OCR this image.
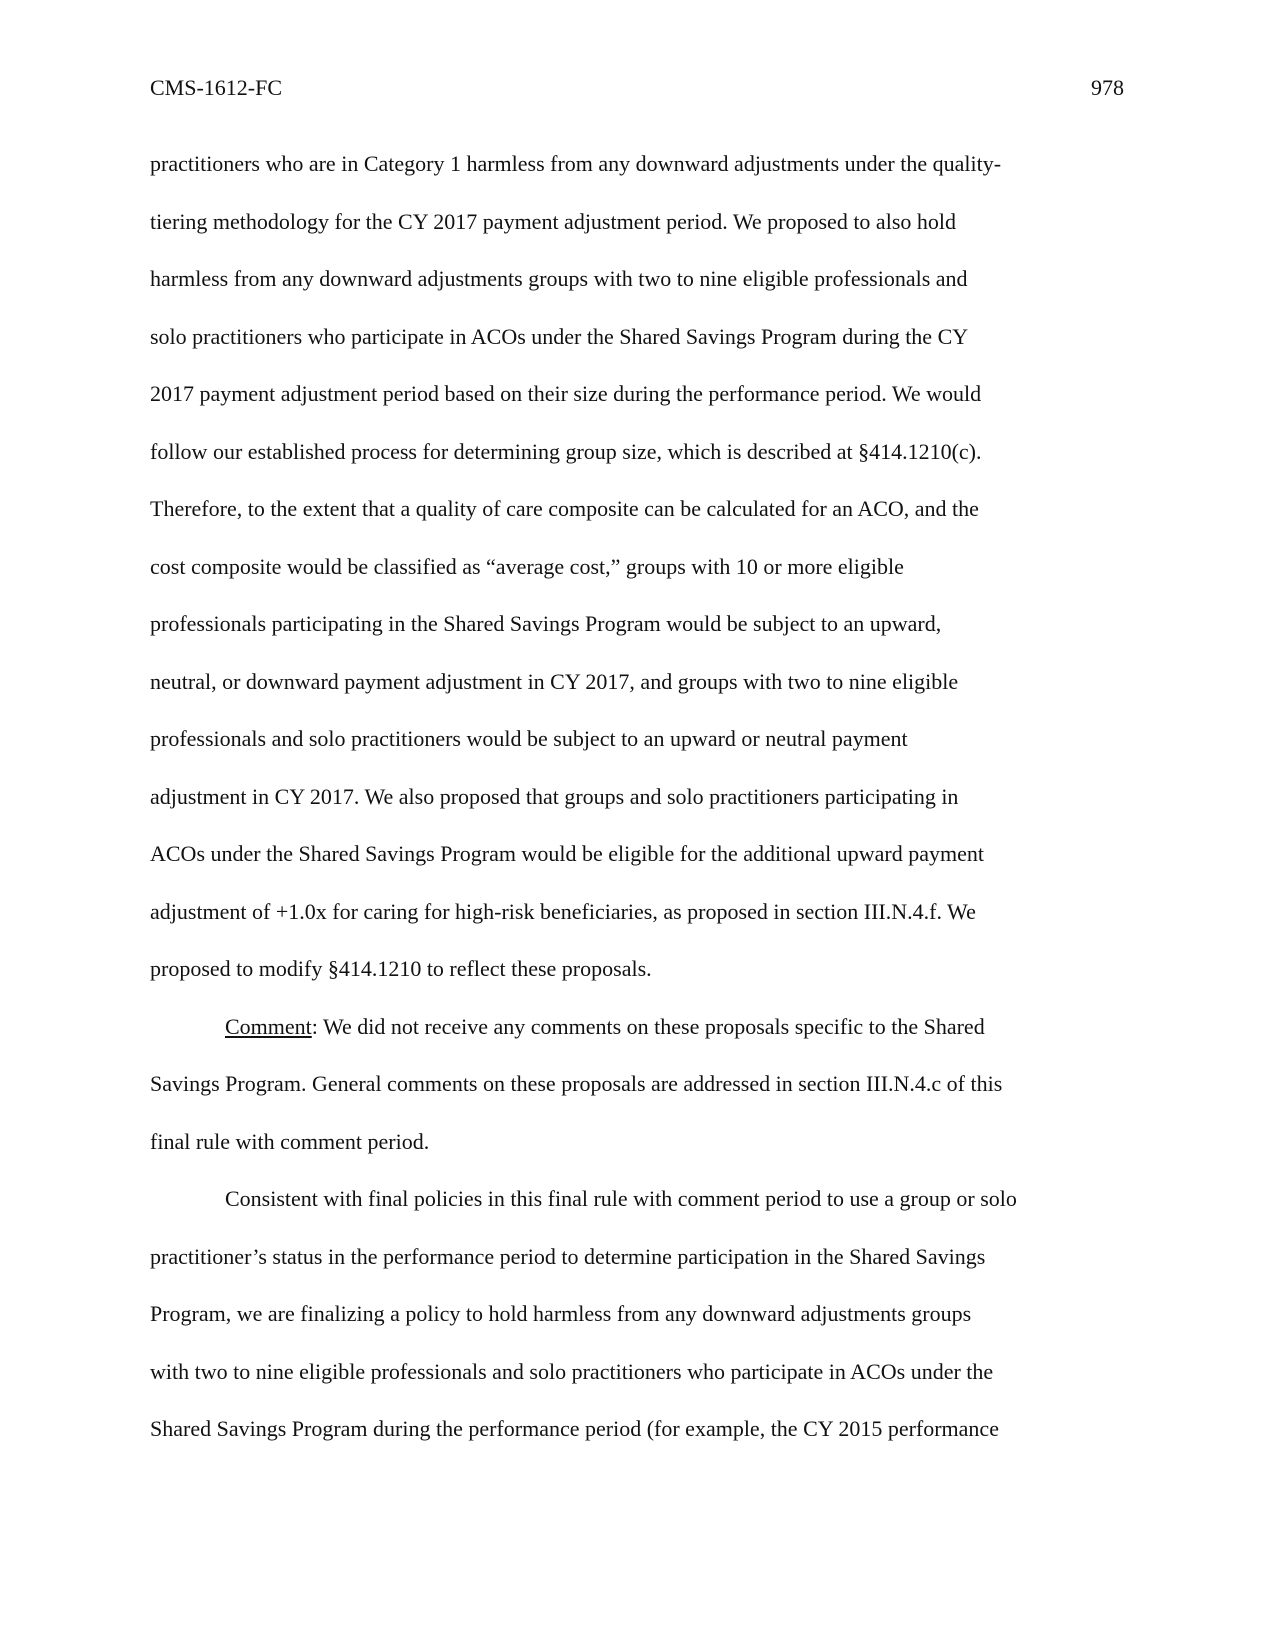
CMS-1612-FC	978
practitioners who are in Category 1 harmless from any downward adjustments under the quality-
tiering methodology for the CY 2017 payment adjustment period. We proposed to also hold
harmless from any downward adjustments groups with two to nine eligible professionals and
solo practitioners who participate in ACOs under the Shared Savings Program during the CY
2017 payment adjustment period based on their size during the performance period. We would
follow our established process for determining group size, which is described at §414.1210(c).
Therefore, to the extent that a quality of care composite can be calculated for an ACO, and the
cost composite would be classified as “average cost,” groups with 10 or more eligible
professionals participating in the Shared Savings Program would be subject to an upward,
neutral, or downward payment adjustment in CY 2017, and groups with two to nine eligible
professionals and solo practitioners would be subject to an upward or neutral payment
adjustment in CY 2017. We also proposed that groups and solo practitioners participating in
ACOs under the Shared Savings Program would be eligible for the additional upward payment
adjustment of +1.0x for caring for high-risk beneficiaries, as proposed in section III.N.4.f. We
proposed to modify §414.1210 to reflect these proposals.
Comment: We did not receive any comments on these proposals specific to the Shared
Savings Program. General comments on these proposals are addressed in section III.N.4.c of this
final rule with comment period.
Consistent with final policies in this final rule with comment period to use a group or solo
practitioner’s status in the performance period to determine participation in the Shared Savings
Program, we are finalizing a policy to hold harmless from any downward adjustments groups
with two to nine eligible professionals and solo practitioners who participate in ACOs under the
Shared Savings Program during the performance period (for example, the CY 2015 performance
